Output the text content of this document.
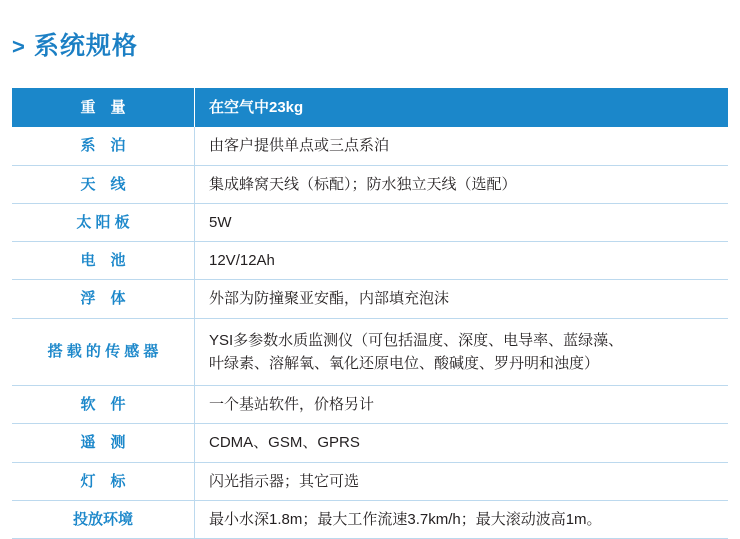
> 系统规格
重　量	在空气中23kg
系　泊	由客户提供单点或三点系泊
天　线	集成蜂窝天线（标配）；防水独立天线（选配）
太 阳 板	5W
电　池	12V/12Ah
浮　体	外部为防撞聚亚安酯，内部填充泡沫
搭 载 的 传 感 器	YSI多参数水质监测仪（可包括温度、深度、电导率、蓝绿藻、
叶绿素、溶解氧、氧化还原电位、酸碱度、罗丹明和浊度）

软　件	一个基站软件，价格另计
遥　测	CDMA、GSM、GPRS
灯　标	闪光指示器；其它可选
投放环境	最小水深1.8m；最大工作流速3.7km/h；最大滚动波高1m。
